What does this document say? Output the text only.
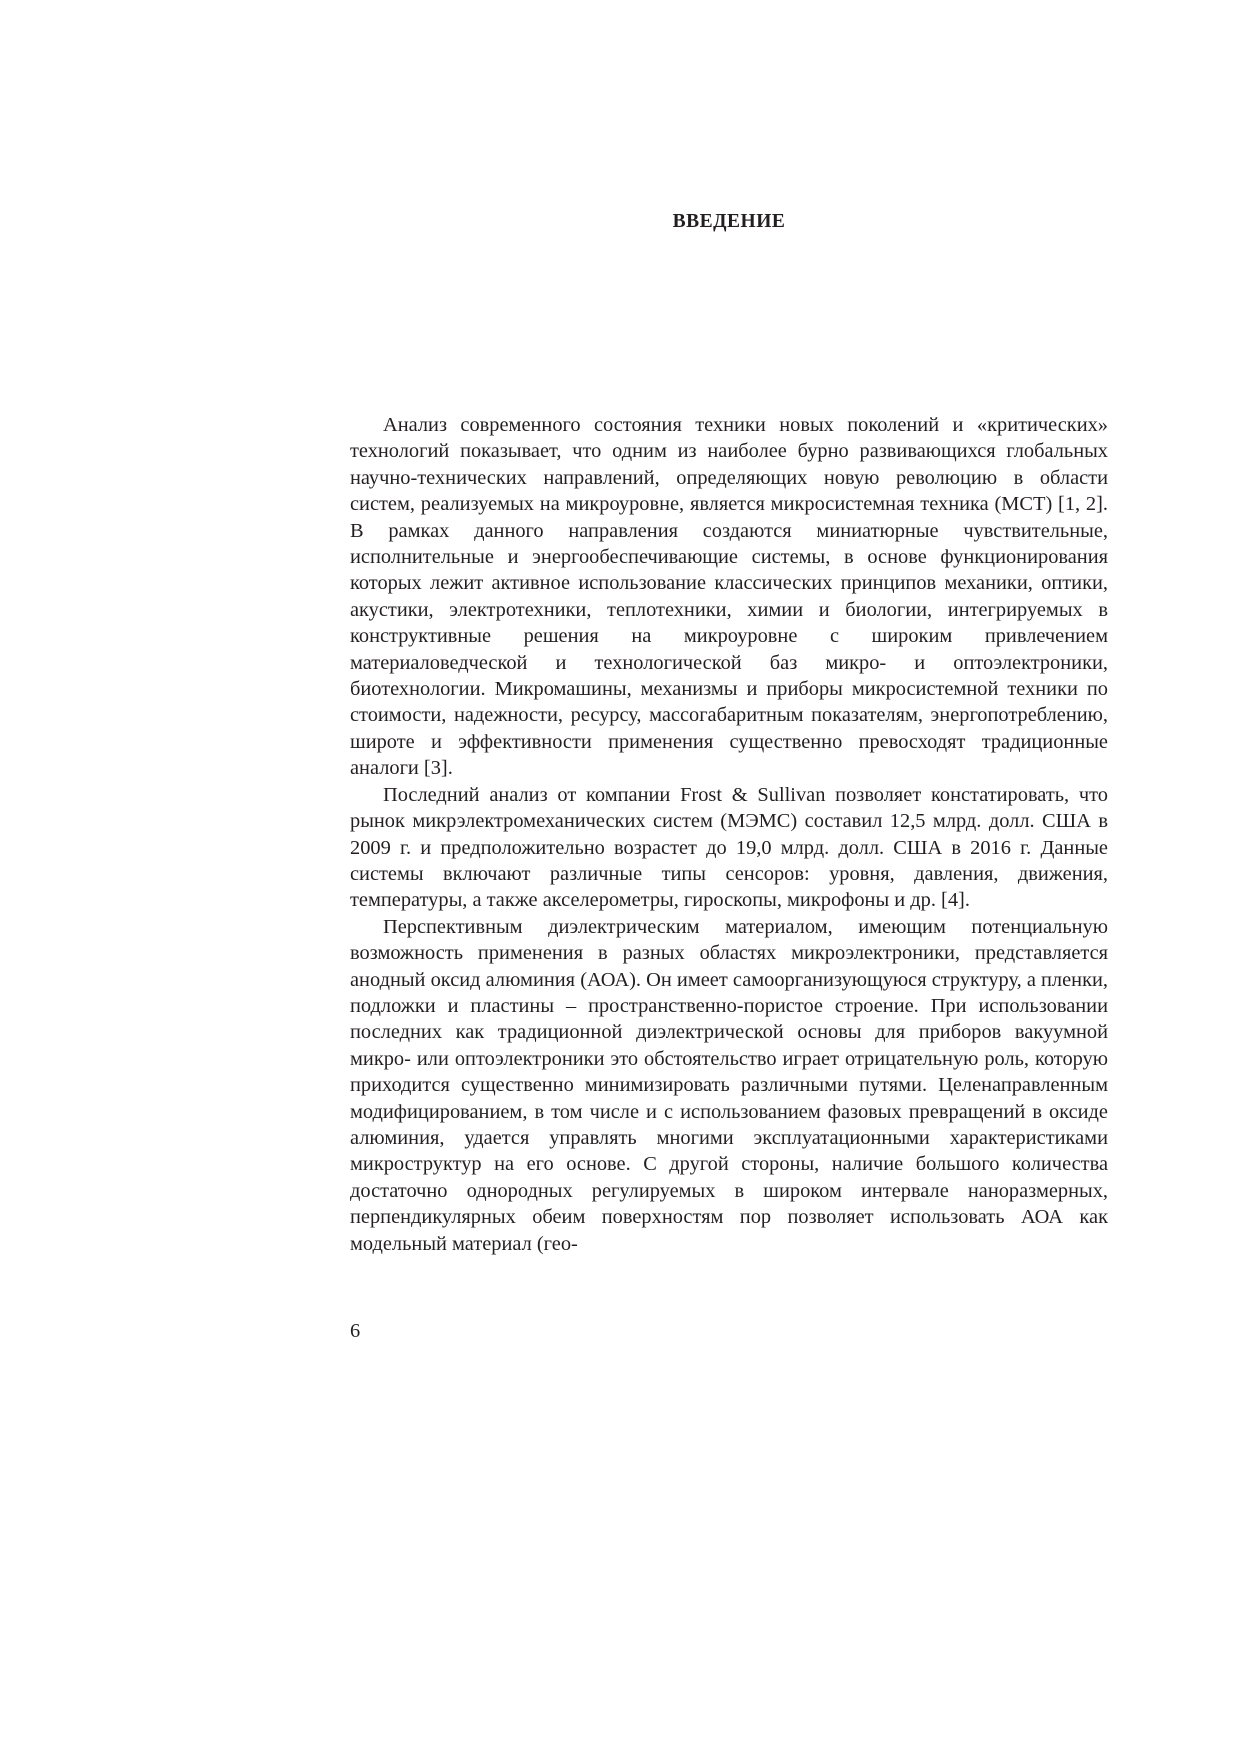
ВВЕДЕНИЕ

Анализ современного состояния техники новых поколений и «критических» технологий показывает, что одним из наиболее бурно развивающихся глобальных научно-технических направлений, определяющих новую революцию в области систем, реализуемых на микроуровне, является микросистемная техника (МСТ) [1, 2]. В рамках данного направления создаются миниатюрные чувствительные, исполнительные и энергообеспечивающие системы, в основе функционирования которых лежит активное использование классических принципов механики, оптики, акустики, электротехники, теплотехники, химии и биологии, интегрируемых в конструктивные решения на микроуровне с широким привлечением материаловедческой и технологической баз микро- и оптоэлектроники, биотехнологии. Микромашины, механизмы и приборы микросистемной техники по стоимости, надежности, ресурсу, массогабаритным показателям, энергопотреблению, широте и эффективности применения существенно превосходят традиционные аналоги [3].

Последний анализ от компании Frost & Sullivan позволяет констатировать, что рынок микрэлектромеханических систем (МЭМС) составил 12,5 млрд. долл. США в 2009 г. и предположительно возрастет до 19,0 млрд. долл. США в 2016 г. Данные системы включают различные типы сенсоров: уровня, давления, движения, температуры, а также акселерометры, гироскопы, микрофоны и др. [4].

Перспективным диэлектрическим материалом, имеющим потенциальную возможность применения в разных областях микроэлектроники, представляется анодный оксид алюминия (АОА). Он имеет самоорганизующуюся структуру, а пленки, подложки и пластины – пространственно-пористое строение. При использовании последних как традиционной диэлектрической основы для приборов вакуумной микро- или оптоэлектроники это обстоятельство играет отрицательную роль, которую приходится существенно минимизировать различными путями. Целенаправленным модифицированием, в том числе и с использованием фазовых превращений в оксиде алюминия, удается управлять многими эксплуатационными характеристиками микроструктур на его основе. С другой стороны, наличие большого количества достаточно однородных регулируемых в широком интервале наноразмерных, перпендикулярных обеим поверхностям пор позволяет использовать АОА как модельный материал (гео-

6
